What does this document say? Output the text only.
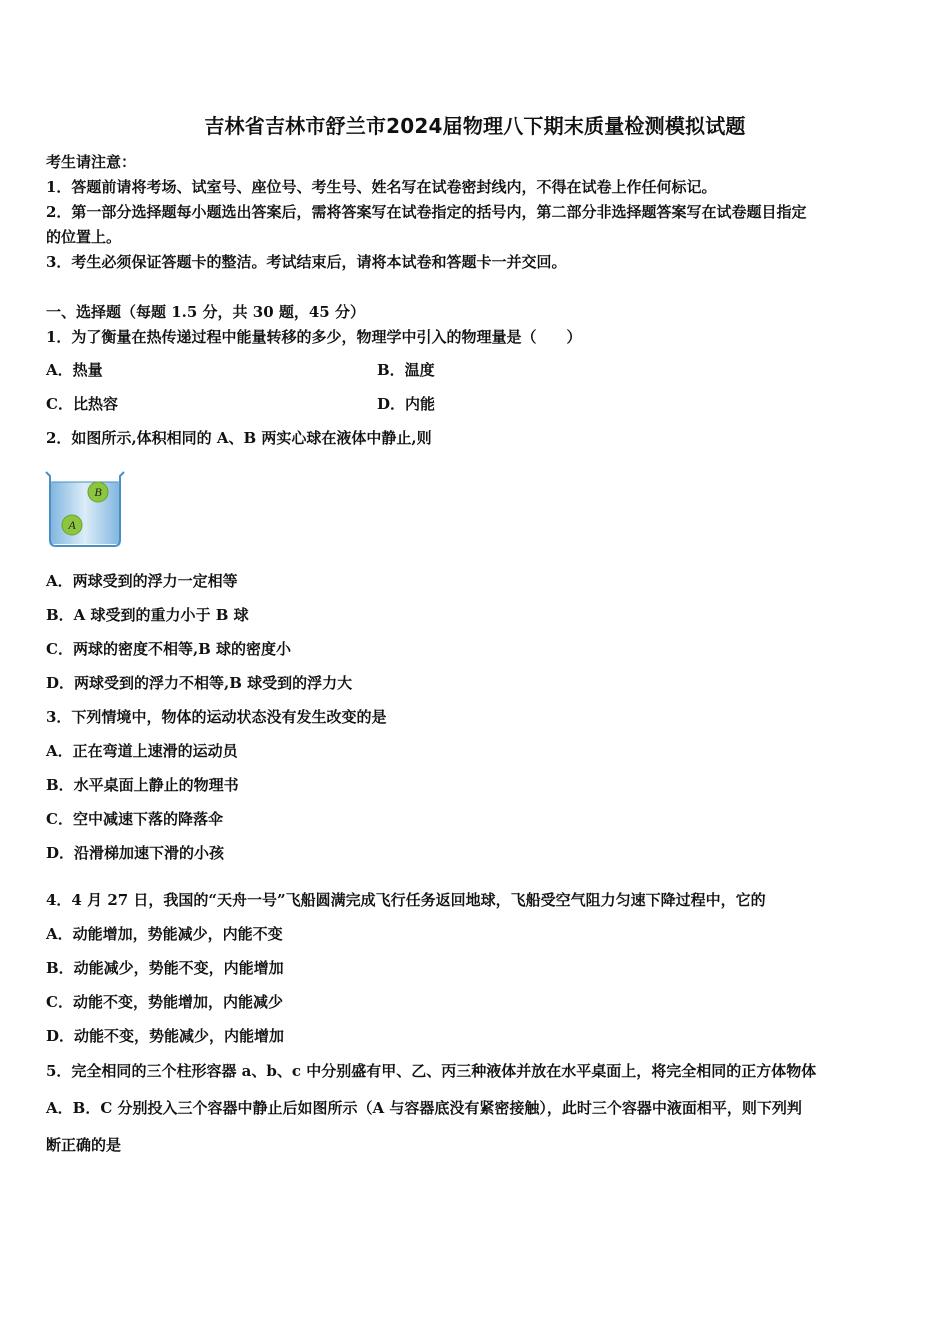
吉林省吉林市舒兰市2024届物理八下期末质量检测模拟试题
考生请注意：
1．答题前请将考场、试室号、座位号、考生号、姓名写在试卷密封线内，不得在试卷上作任何标记。
2．第一部分选择题每小题选出答案后，需将答案写在试卷指定的括号内，第二部分非选择题答案写在试卷题目指定
的位置上。
3．考生必须保证答题卡的整洁。考试结束后，请将本试卷和答题卡一并交回。
一、选择题（每题 1.5 分，共 30 题，45 分）
1．为了衡量在热传递过程中能量转移的多少，物理学中引入的物理量是（　　）
A．热量	B．温度
C．比热容	D．内能
2．如图所示,体积相同的 A、B 两实心球在液体中静止,则
B
A
A．两球受到的浮力一定相等
B．A 球受到的重力小于 B 球
C．两球的密度不相等,B 球的密度小
D．两球受到的浮力不相等,B 球受到的浮力大
3．下列情境中，物体的运动状态没有发生改变的是
A．正在弯道上速滑的运动员
B．水平桌面上静止的物理书
C．空中减速下落的降落伞
D．沿滑梯加速下滑的小孩
4．4 月 27 日，我国的“天舟一号”飞船圆满完成飞行任务返回地球，飞船受空气阻力匀速下降过程中，它的
A．动能增加，势能减少，内能不变
B．动能减少，势能不变，内能增加
C．动能不变，势能增加，内能减少
D．动能不变，势能减少，内能增加
5．完全相同的三个柱形容器 a、b、c 中分别盛有甲、乙、丙三种液体并放在水平桌面上，将完全相同的正方体物体
A．B．C 分别投入三个容器中静止后如图所示（A 与容器底没有紧密接触），此时三个容器中液面相平，则下列判
断正确的是
